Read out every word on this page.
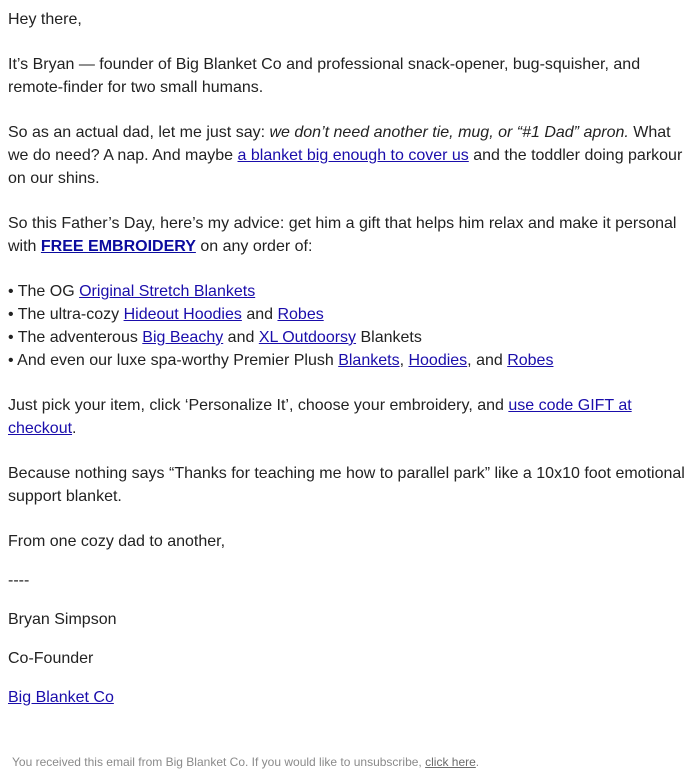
Hey there,

It’s Bryan — founder of Big Blanket Co and professional snack-opener, bug-squisher, and remote-finder for two small humans.

So as an actual dad, let me just say: we don’t need another tie, mug, or “#1 Dad” apron. What we do need? A nap. And maybe a blanket big enough to cover us and the toddler doing parkour on our shins.

So this Father’s Day, here’s my advice: get him a gift that helps him relax and make it personal with FREE EMBROIDERY on any order of:

• The OG Original Stretch Blankets

• The ultra-cozy Hideout Hoodies and Robes

• The adventerous Big Beachy and XL Outdoorsy Blankets

• And even our luxe spa-worthy Premier Plush Blankets, Hoodies, and Robes

Just pick your item, click ‘Personalize It’, choose your embroidery, and use code GIFT at checkout.

Because nothing says “Thanks for teaching me how to parallel park” like a 10x10 foot emotional support blanket.

From one cozy dad to another,

----

Bryan Simpson

Co-Founder

Big Blanket Co

You received this email from Big Blanket Co. If you would like to unsubscribe, click here.
